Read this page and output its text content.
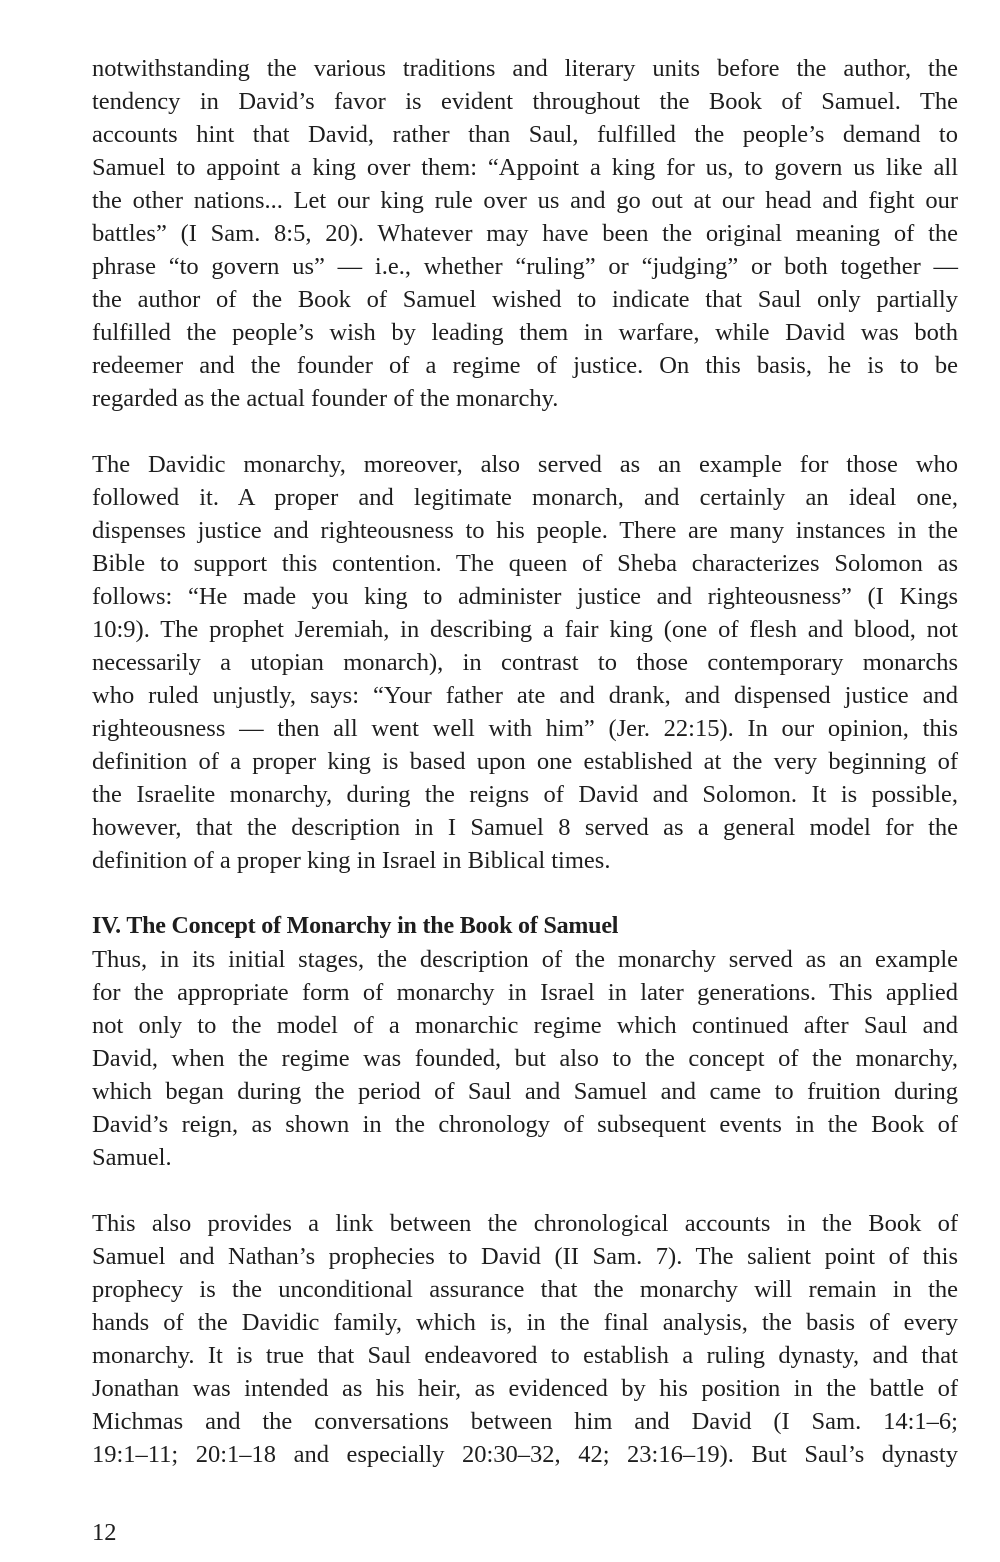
notwithstanding the various traditions and literary units before the author, the
tendency in David’s favor is evident throughout the Book of Samuel. The
accounts hint that David, rather than Saul, fulfilled the people’s demand to
Samuel to appoint a king over them: “Appoint a king for us, to govern us like all
the other nations... Let our king rule over us and go out at our head and fight our
battles” (I Sam. 8:5, 20). Whatever may have been the original meaning of the
phrase “to govern us” — i.e., whether “ruling” or “judging” or both together —
the author of the Book of Samuel wished to indicate that Saul only partially
fulfilled the people’s wish by leading them in warfare, while David was both
redeemer and the founder of a regime of justice. On this basis, he is to be
regarded as the actual founder of the monarchy.
The Davidic monarchy, moreover, also served as an example for those who
followed it. A proper and legitimate monarch, and certainly an ideal one,
dispenses justice and righteousness to his people. There are many instances in the
Bible to support this contention. The queen of Sheba characterizes Solomon as
follows: “He made you king to administer justice and righteousness” (I Kings
10:9). The prophet Jeremiah, in describing a fair king (one of flesh and blood, not
necessarily a utopian monarch), in contrast to those contemporary monarchs
who ruled unjustly, says: “Your father ate and drank, and dispensed justice and
righteousness — then all went well with him” (Jer. 22:15). In our opinion, this
definition of a proper king is based upon one established at the very beginning of
the Israelite monarchy, during the reigns of David and Solomon. It is possible,
however, that the description in I Samuel 8 served as a general model for the
definition of a proper king in Israel in Biblical times.
IV. The Concept of Monarchy in the Book of Samuel
Thus, in its initial stages, the description of the monarchy served as an example
for the appropriate form of monarchy in Israel in later generations. This applied
not only to the model of a monarchic regime which continued after Saul and
David, when the regime was founded, but also to the concept of the monarchy,
which began during the period of Saul and Samuel and came to fruition during
David’s reign, as shown in the chronology of subsequent events in the Book of
Samuel.
This also provides a link between the chronological accounts in the Book of
Samuel and Nathan’s prophecies to David (II Sam. 7). The salient point of this
prophecy is the unconditional assurance that the monarchy will remain in the
hands of the Davidic family, which is, in the final analysis, the basis of every
monarchy. It is true that Saul endeavored to establish a ruling dynasty, and that
Jonathan was intended as his heir, as evidenced by his position in the battle of
Michmas and the conversations between him and David (I Sam. 14:1–6;
19:1–11; 20:1–18 and especially 20:30–32, 42; 23:16–19). But Saul’s dynasty
12
